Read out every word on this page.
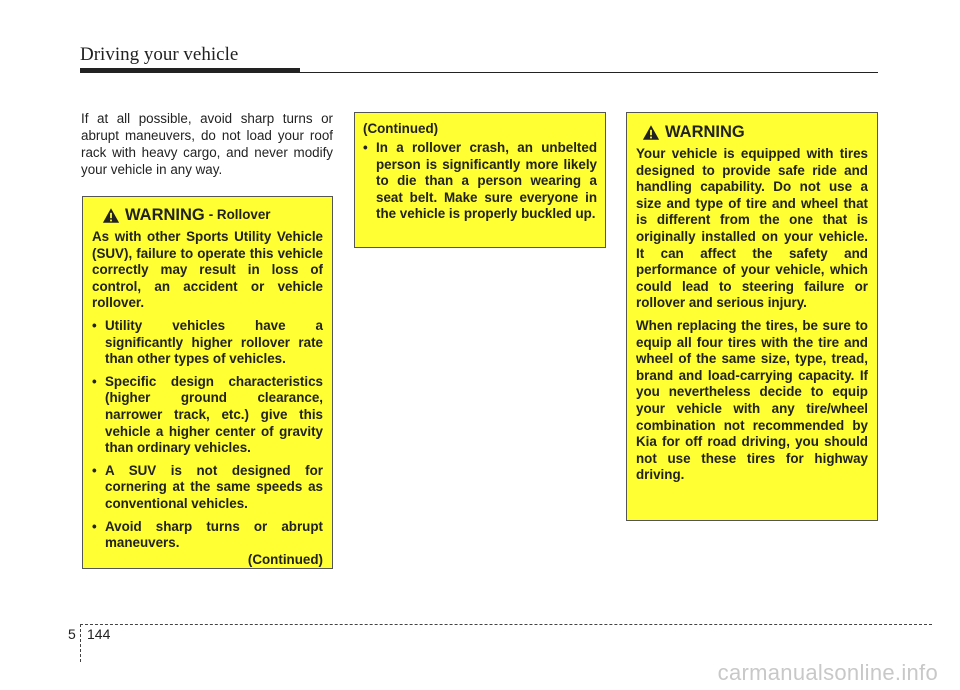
Driving your vehicle

If at all possible, avoid sharp turns or abrupt maneuvers, do not load your roof rack with heavy cargo, and never modify your vehicle in any way.

WARNING - Rollover

As with other Sports Utility Vehicle (SUV), failure to operate this vehicle correctly may result in loss of control, an accident or vehicle rollover.

• Utility vehicles have a significantly higher rollover rate than other types of vehicles.
• Specific design characteristics (higher ground clearance, narrower track, etc.) give this vehicle a higher center of gravity than ordinary vehicles.
• A SUV is not designed for cornering at the same speeds as conventional vehicles.
• Avoid sharp turns or abrupt maneuvers.
(Continued)
(Continued)
• In a rollover crash, an unbelted person is significantly more likely to die than a person wearing a seat belt. Make sure everyone in the vehicle is properly buckled up.
WARNING

Your vehicle is equipped with tires designed to provide safe ride and handling capability. Do not use a size and type of tire and wheel that is different from the one that is originally installed on your vehicle. It can affect the safety and performance of your vehicle, which could lead to steering failure or rollover and serious injury.

When replacing the tires, be sure to equip all four tires with the tire and wheel of the same size, type, tread, brand and load-carrying capacity. If you nevertheless decide to equip your vehicle with any tire/wheel combination not recommended by Kia for off road driving, you should not use these tires for highway driving.

5 144
carmanualsonline.info
